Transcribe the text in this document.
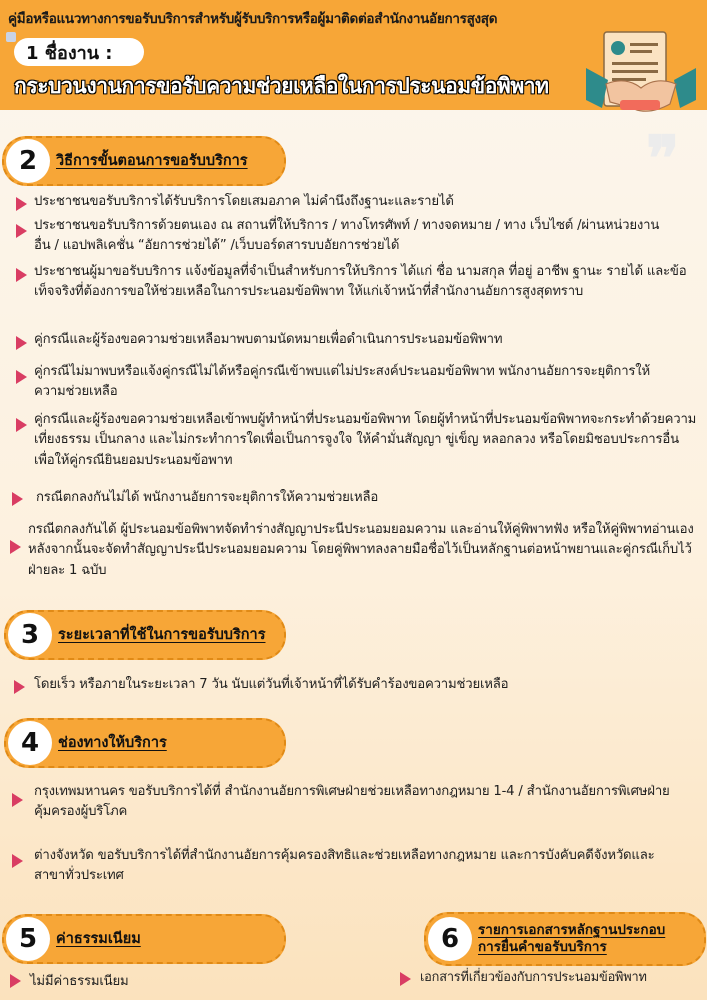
คู่มือหรือแนวทางการขอรับบริการสำหรับผู้รับบริการหรือผู้มาติดต่อสำนักงานอัยการสูงสุด
1 ชื่องาน :
กระบวนงานการขอรับความช่วยเหลือในการประนอมข้อพิพาท
❞
2	วิธีการขั้นตอนการขอรับบริการ
ประชาชนขอรับบริการได้รับบริการโดยเสมอภาค ไม่คำนึงถึงฐานะและรายได้
ประชาชนขอรับบริการด้วยตนเอง ณ สถานที่ให้บริการ / ทางโทรศัพท์ / ทางจดหมาย / ทาง เว็บไซต์ /ผ่านหน่วยงานอื่น / แอปพลิเคชั่น “อัยการช่วยได้” /เว็บบอร์ดสารบบอัยการช่วยได้
ประชาชนผู้มาขอรับบริการ แจ้งข้อมูลที่จำเป็นสำหรับการให้บริการ ได้แก่ ชื่อ นามสกุล ที่อยู่ อาชีพ ฐานะ รายได้ และข้อเท็จจริงที่ต้องการขอให้ช่วยเหลือในการประนอมข้อพิพาท ให้แก่เจ้าหน้าที่สำนักงานอัยการสูงสุดทราบ
คู่กรณีและผู้ร้องขอความช่วยเหลือมาพบตามนัดหมายเพื่อดำเนินการประนอมข้อพิพาท
คู่กรณีไม่มาพบหรือแจ้งคู่กรณีไม่ได้หรือคู่กรณีเข้าพบแต่ไม่ประสงค์ประนอมข้อพิพาท พนักงานอัยการจะยุติการให้ความช่วยเหลือ
คู่กรณีและผู้ร้องขอความช่วยเหลือเข้าพบผู้ทำหน้าที่ประนอมข้อพิพาท โดยผู้ทำหน้าที่ประนอมข้อพิพาทจะกระทำด้วยความเที่ยงธรรม เป็นกลาง และไม่กระทำการใดเพื่อเป็นการจูงใจ ให้คำมั่นสัญญา ขู่เข็ญ หลอกลวง หรือโดยมิชอบประการอื่น เพื่อให้คู่กรณียินยอมประนอมข้อพาท
กรณีตกลงกันไม่ได้ พนักงานอัยการจะยุติการให้ความช่วยเหลือ
กรณีตกลงกันได้ ผู้ประนอมข้อพิพาทจัดทำร่างสัญญาประนีประนอมยอมความ และอ่านให้คู่พิพาทฟัง หรือให้คู่พิพาทอ่านเอง หลังจากนั้นจะจัดทำสัญญาประนีประนอมยอมความ โดยคู่พิพาทลงลายมือชื่อไว้เป็นหลักฐานต่อหน้าพยานและคู่กรณีเก็บไว้ฝ่ายละ 1 ฉบับ
3	ระยะเวลาที่ใช้ในการขอรับบริการ
โดยเร็ว หรือภายในระยะเวลา 7 วัน นับแต่วันที่เจ้าหน้าที่ได้รับคำร้องขอความช่วยเหลือ
4	ช่องทางให้บริการ
กรุงเทพมหานคร ขอรับบริการได้ที่ สำนักงานอัยการพิเศษฝ่ายช่วยเหลือทางกฎหมาย 1-4 / สำนักงานอัยการพิเศษฝ่ายคุ้มครองผู้บริโภค
ต่างจังหวัด ขอรับบริการได้ที่สำนักงานอัยการคุ้มครองสิทธิและช่วยเหลือทางกฎหมาย และการบังคับคดีจังหวัดและสาขาทั่วประเทศ
5	ค่าธรรมเนียม
ไม่มีค่าธรรมเนียม
6	รายการเอกสารหลักฐานประกอบการยื่นคำขอรับบริการ
เอกสารที่เกี่ยวข้องกับการประนอมข้อพิพาท
